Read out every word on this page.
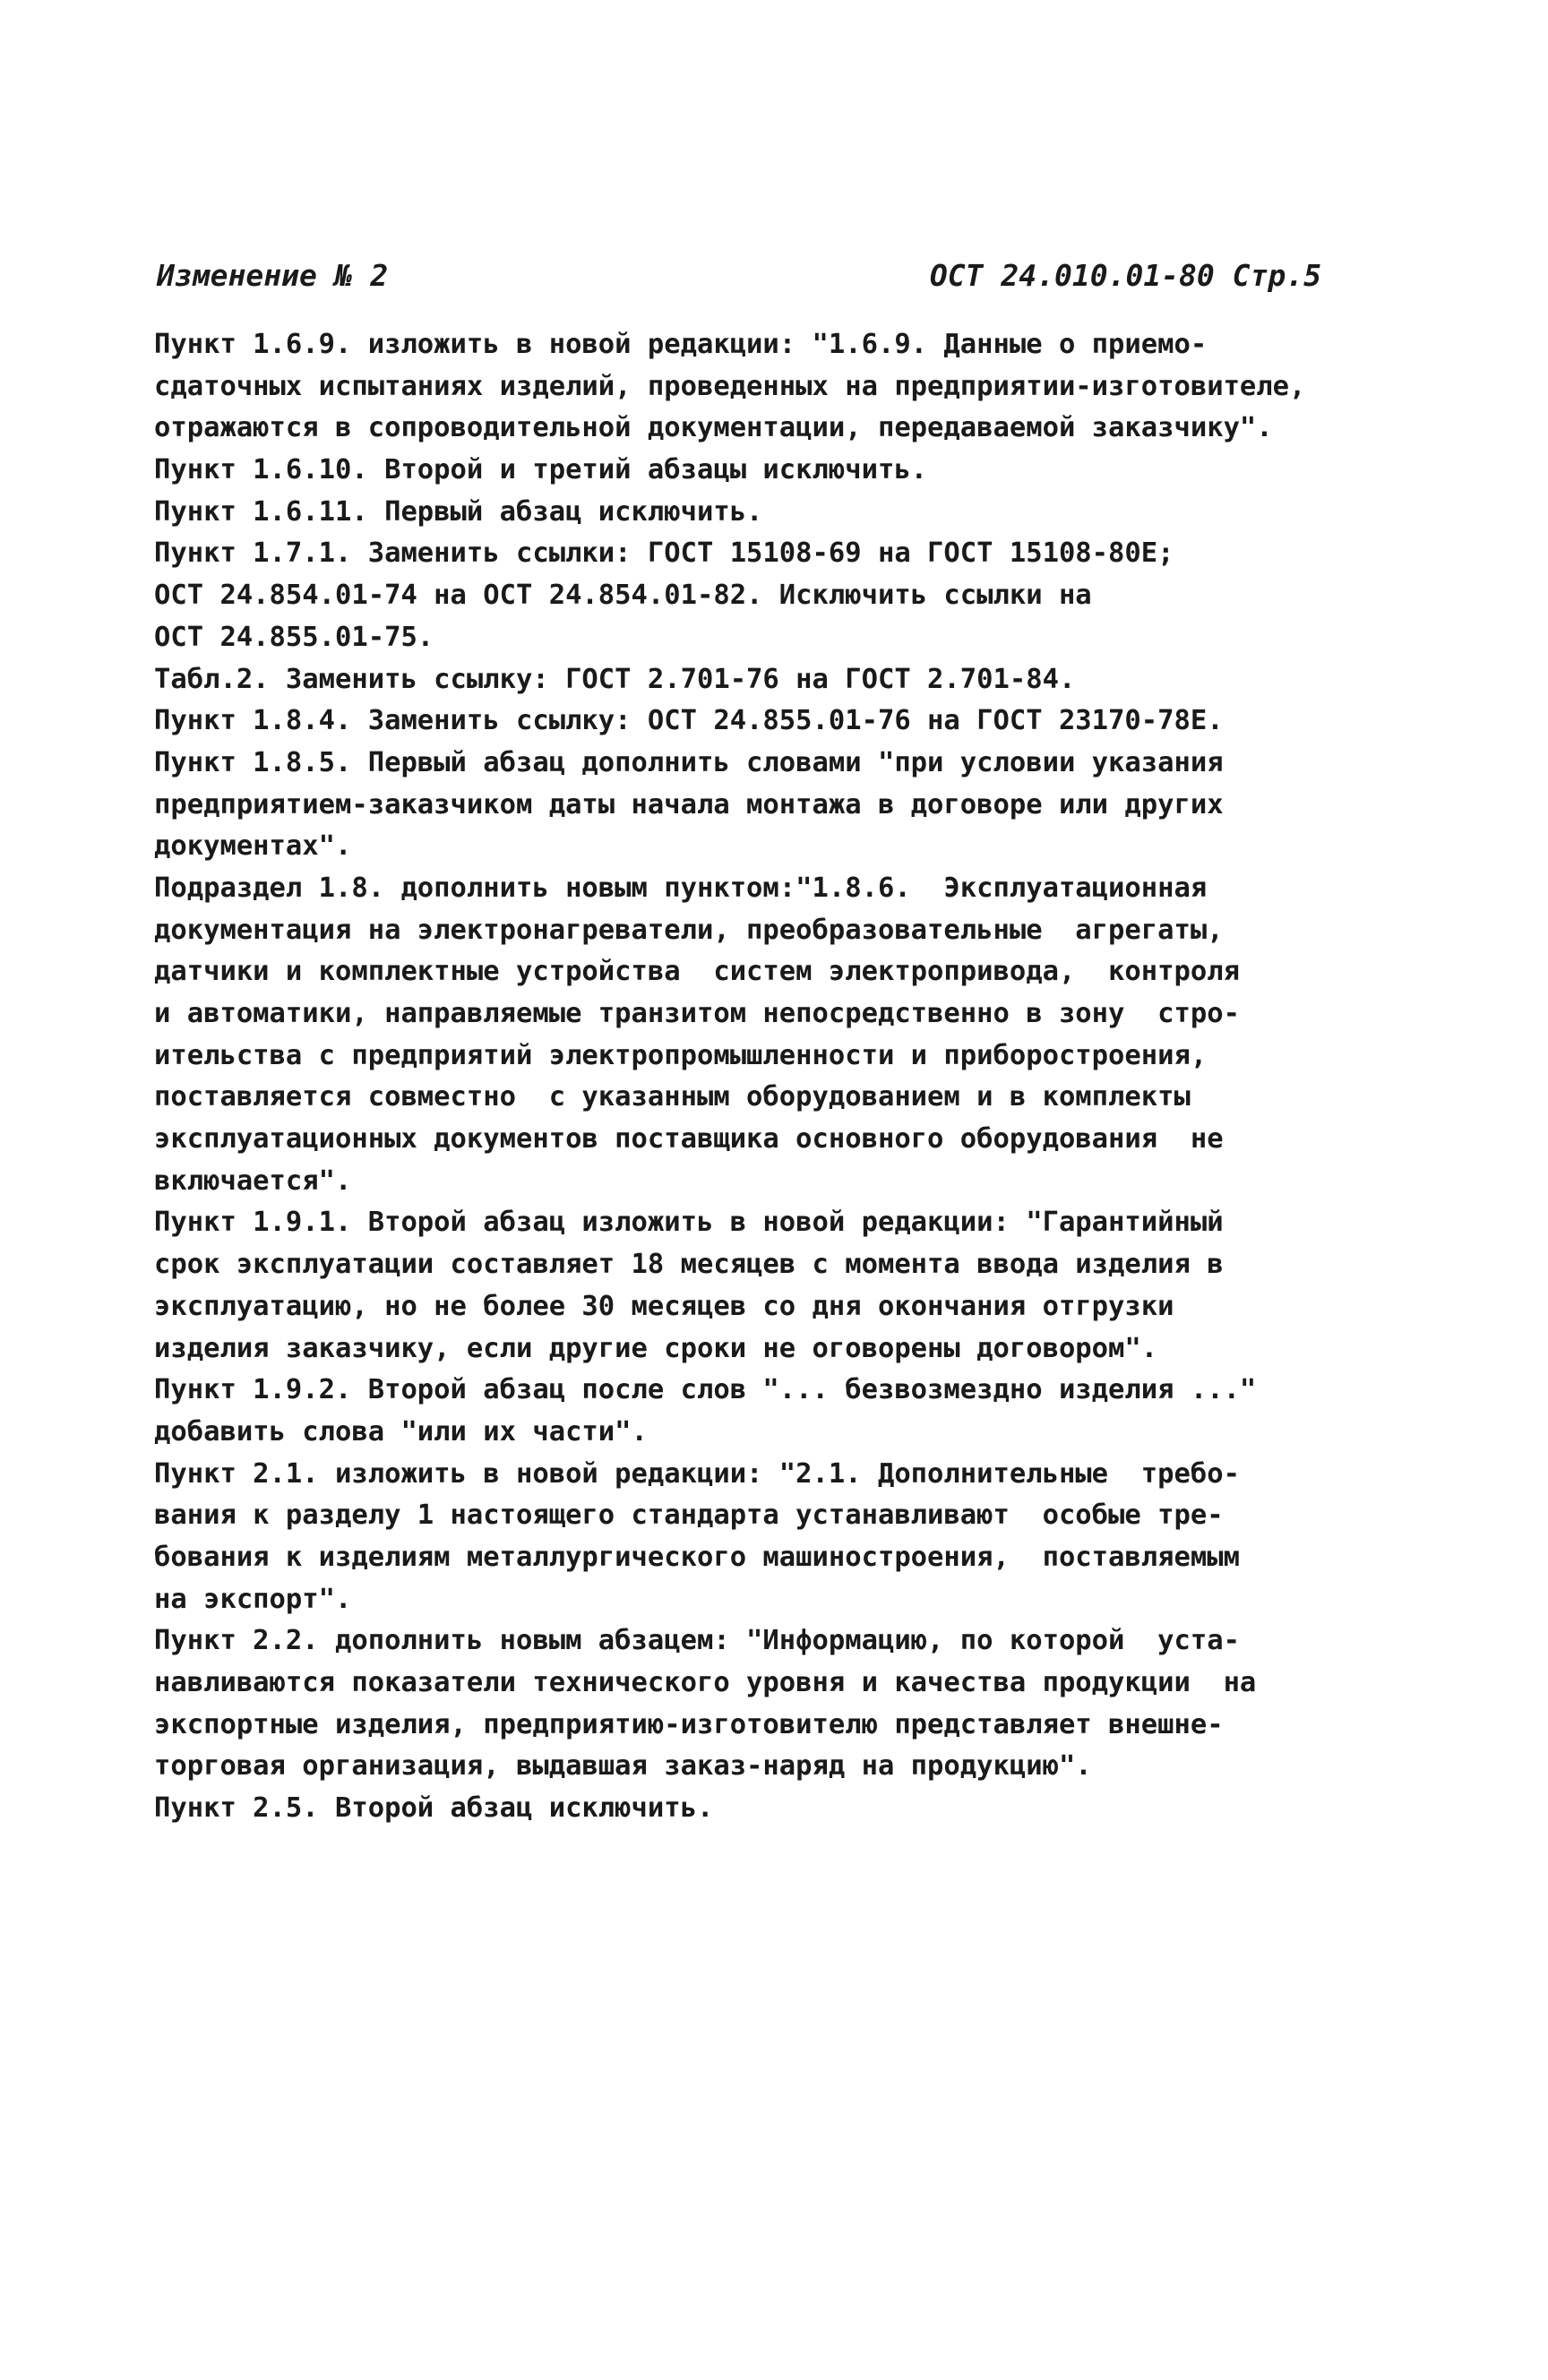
Изменение № 2	ОСТ 24.010.01-80 Стр.5
Пункт 1.6.9. изложить в новой редакции: "1.6.9. Данные о приемо-
сдаточных испытаниях изделий, проведенных на предприятии-изготовителе,
отражаются в сопроводительной документации, передаваемой заказчику".
Пункт 1.6.10. Второй и третий абзацы исключить.
Пункт 1.6.11. Первый абзац исключить.
Пункт 1.7.1. Заменить ссылки: ГОСТ 15108-69 на ГОСТ 15108-80Е;
ОСТ 24.854.01-74 на ОСТ 24.854.01-82. Исключить ссылки на
ОСТ 24.855.01-75.
Табл.2. Заменить ссылку: ГОСТ 2.701-76 на ГОСТ 2.701-84.
Пункт 1.8.4. Заменить ссылку: ОСТ 24.855.01-76 на ГОСТ 23170-78Е.
Пункт 1.8.5. Первый абзац дополнить словами "при условии указания
предприятием-заказчиком даты начала монтажа в договоре или других
документах".
Подраздел 1.8. дополнить новым пунктом:"1.8.6.  Эксплуатационная
документация на электронагреватели, преобразовательные  агрегаты,
датчики и комплектные устройства  систем электропривода,  контроля
и автоматики, направляемые транзитом непосредственно в зону  стро-
ительства с предприятий электропромышленности и приборостроения,
поставляется совместно  с указанным оборудованием и в комплекты
эксплуатационных документов поставщика основного оборудования  не
включается".
Пункт 1.9.1. Второй абзац изложить в новой редакции: "Гарантийный
срок эксплуатации составляет 18 месяцев с момента ввода изделия в
эксплуатацию, но не более 30 месяцев со дня окончания отгрузки
изделия заказчику, если другие сроки не оговорены договором".
Пункт 1.9.2. Второй абзац после слов "... безвозмездно изделия ..."
добавить слова "или их части".
Пункт 2.1. изложить в новой редакции: "2.1. Дополнительные  требо-
вания к разделу 1 настоящего стандарта устанавливают  особые тре-
бования к изделиям металлургического машиностроения,  поставляемым
на экспорт".
Пункт 2.2. дополнить новым абзацем: "Информацию, по которой  уста-
навливаются показатели технического уровня и качества продукции  на
экспортные изделия, предприятию-изготовителю представляет внешне-
торговая организация, выдавшая заказ-наряд на продукцию".
Пункт 2.5. Второй абзац исключить.
